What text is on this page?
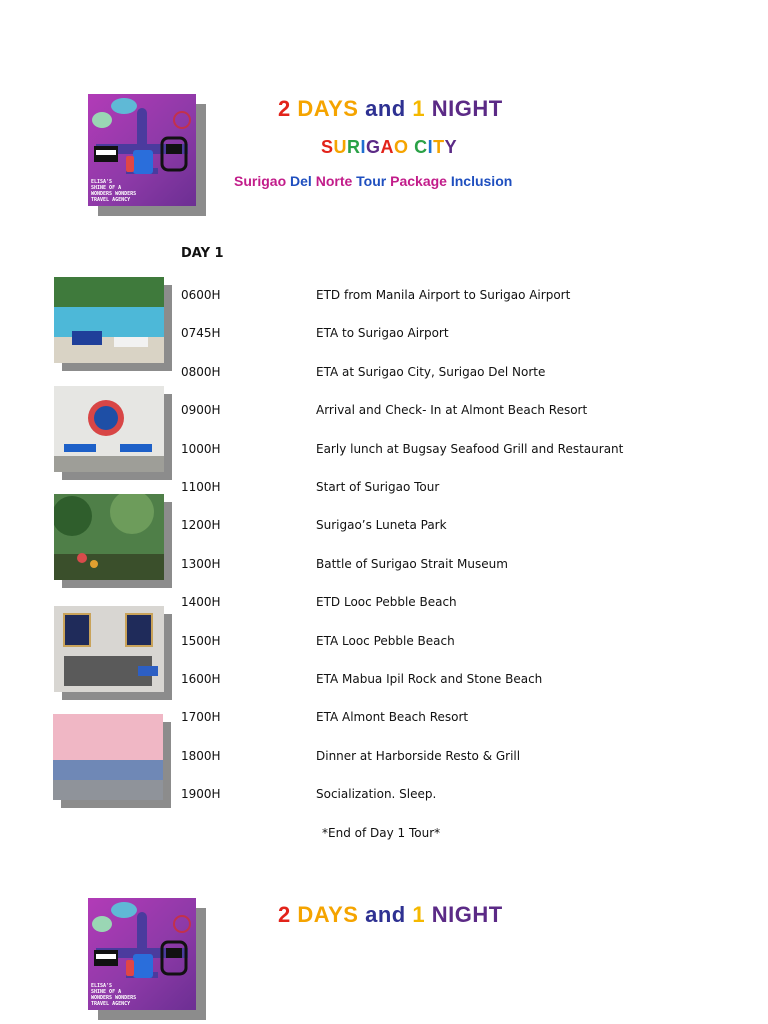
ELISA'S
SHINE OF A
WONDERS WONDERS
TRAVEL AGENCY
2 DAYS and 1 NIGHT
SURIGAO CITY
Surigao Del Norte Tour Package Inclusion
DAY 1
0600H	ETD from Manila Airport to Surigao Airport
0745H	ETA to Surigao Airport
0800H	ETA at Surigao City, Surigao Del Norte
0900H	Arrival and Check- In at Almont Beach Resort
1000H	Early lunch at Bugsay Seafood Grill and Restaurant
1100H	Start of Surigao Tour
1200H	Surigao’s Luneta Park
1300H	Battle of Surigao Strait Museum
1400H	ETD Looc Pebble Beach
1500H	ETA Looc Pebble Beach
1600H	ETA Mabua Ipil Rock and Stone Beach
1700H	ETA Almont Beach Resort
1800H	Dinner at Harborside Resto & Grill
1900H	Socialization. Sleep.
*End of Day 1 Tour*
ELISA'S
SHINE OF A
WONDERS WONDERS
TRAVEL AGENCY
2 DAYS and 1 NIGHT
